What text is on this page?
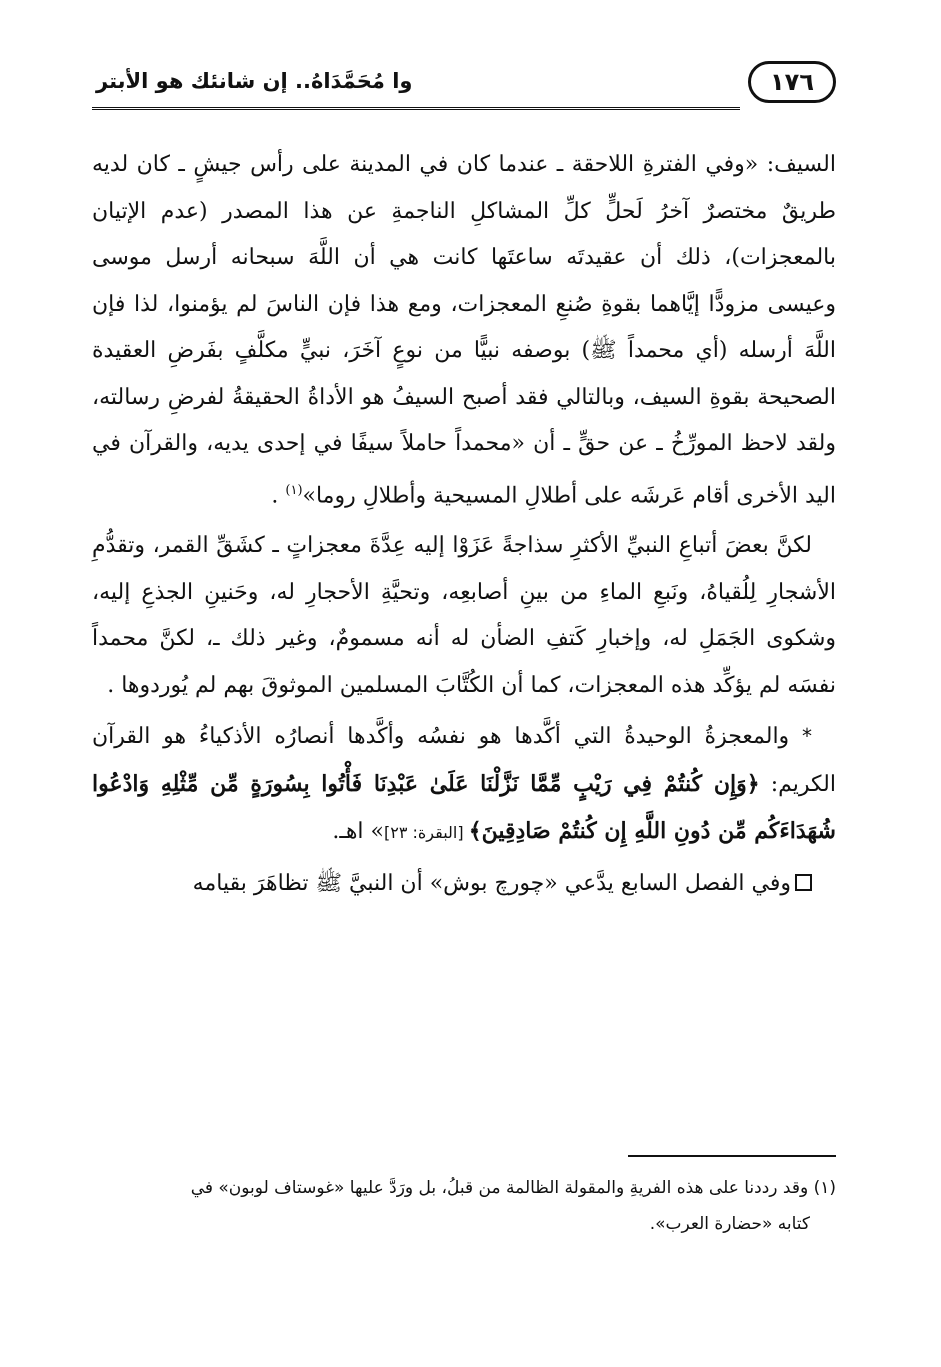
١٧٦
وا مُحَمَّدَاهُ.. إن شانئك هو الأبتر

السيف: «وفي الفترةِ اللاحقة ـ عندما كان في المدينة على رأس جيشٍ ـ كان لديه طريقٌ مختصرٌ آخرُ لَحلٍّ كلِّ المشاكلِ الناجمةِ عن هذا المصدر (عدم الإتيان بالمعجزات)، ذلك أن عقيدتَه ساعتَها كانت هي أن اللَّهَ سبحانه أرسل موسى وعيسى مزودًّا إيَّاهما بقوةِ صُنعِ المعجزات، ومع هذا فإن الناسَ لم يؤمنوا، لذا فإن اللَّهَ أرسله (أي محمداً ﷺ) بوصفه نبيًّا من نوعٍ آخَرَ، نبيٍّ مكلَّفٍ بفَرضِ العقيدة الصحيحة بقوةِ السيف، وبالتالي فقد أصبح السيفُ هو الأداةُ الحقيقةُ لفرضِ رسالته، ولقد لاحظ المورِّخُ ـ عن حقٍّ ـ أن «محمداً حاملاً سيفًا في إحدى يديه، والقرآن في اليد الأخرى أقام عَرشَه على أطلالِ المسيحية وأطلالِ روما»$^{(١)}$ .

لكنَّ بعضَ أتباعِ النبيِّ الأكثرِ سذاجةً عَزَوْا إليه عِدَّةَ معجزاتٍ ـ كشَقِّ القمر، وتقدُّمِ الأشجارِ لِلُقياهُ، ونَبعِ الماءِ من بينِ أصابعِه، وتحيَّةِ الأحجارِ له، وحَنينِ الجذعِ إليه، وشكوى الجَمَلِ له، وإخبارِ كَتفِ الضأن له أنه مسمومٌ، وغير ذلك ـ، لكنَّ محمداً نفسَه لم يؤكِّد هذه المعجزات، كما أن الكُتَّابَ المسلمين الموثوقَ بهم لم يُوردوها .

* والمعجزةُ الوحيدةُ التي أكَّدها هو نفسُه وأكَّدها أنصارُه الأذكياءُ هو القرآن الكريم: ﴿وَإِن كُنتُمْ فِي رَيْبٍ مِّمَّا نَزَّلْنَا عَلَىٰ عَبْدِنَا فَأْتُوا بِسُورَةٍ مِّن مِّثْلِهِ وَادْعُوا شُهَدَاءَكُم مِّن دُونِ اللَّهِ إِن كُنتُمْ صَادِقِينَ﴾ [البقرة: ٢٣]» اهـ.

وفي الفصل السابع يدَّعي «چورچ بوش» أن النبيَّ ﷺ تظاهَرَ بقيامه

(١) وقد رددنا على هذه الفريةِ والمقولة الظالمة من قبلُ، بل ورَدَّ عليها «غوستاف لوبون» في

كتابه «حضارة العرب».
